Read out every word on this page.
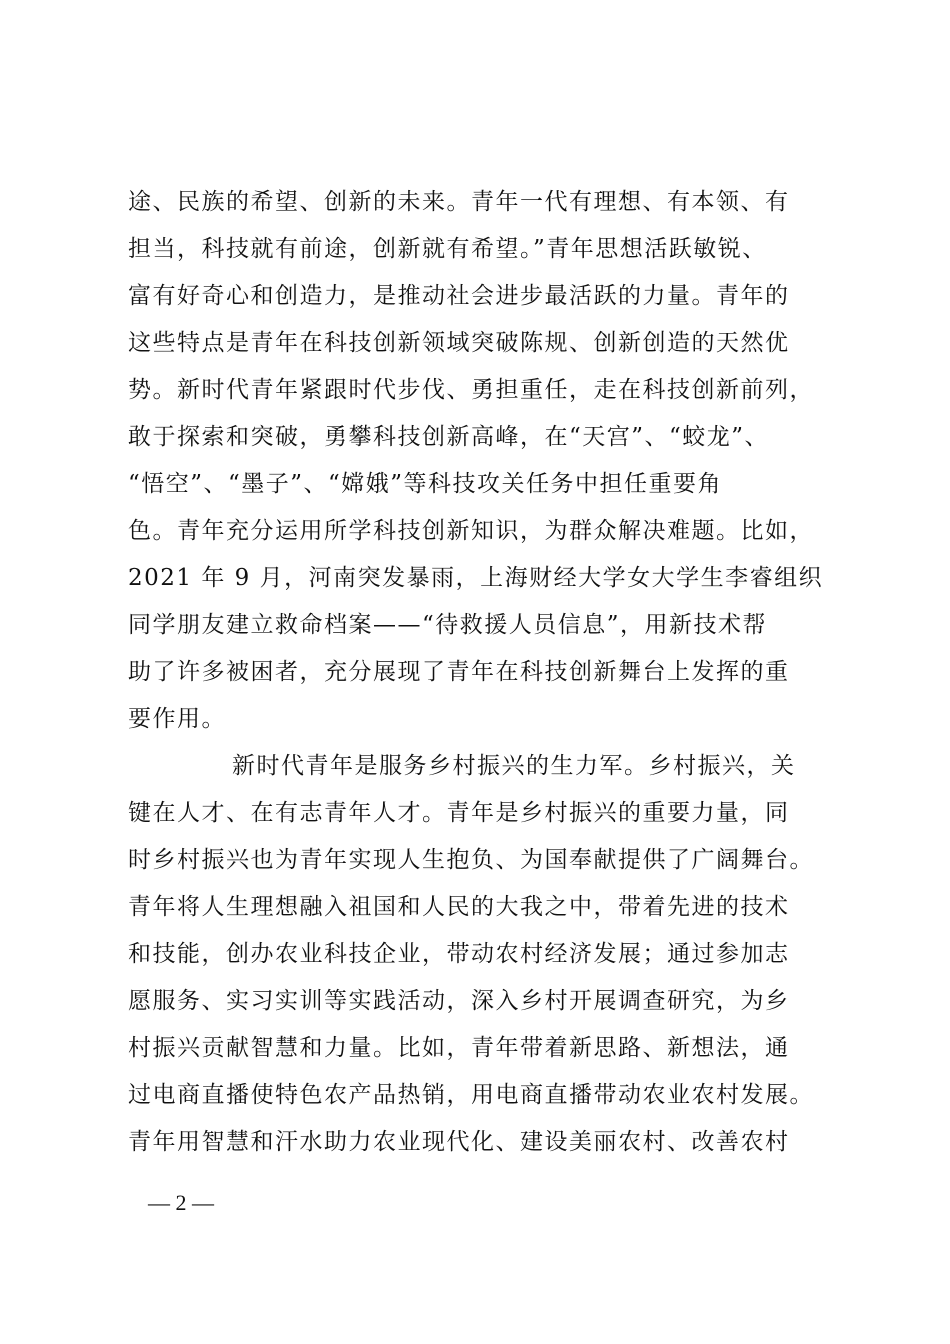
途、民族的希望、创新的未来。青年一代有理想、有本领、有
担当，科技就有前途，创新就有希望。”青年思想活跃敏锐、
富有好奇心和创造力，是推动社会进步最活跃的力量。青年的
这些特点是青年在科技创新领域突破陈规、创新创造的天然优
势。新时代青年紧跟时代步伐、勇担重任，走在科技创新前列，
敢于探索和突破，勇攀科技创新高峰，在“天宫”、“蛟龙”、
“悟空”、“墨子”、“嫦娥”等科技攻关任务中担任重要角
色。青年充分运用所学科技创新知识，为群众解决难题。比如，
2021 年 9 月，河南突发暴雨，上海财经大学女大学生李睿组织
同学朋友建立救命档案——“待救援人员信息”，用新技术帮
助了许多被困者，充分展现了青年在科技创新舞台上发挥的重
要作用。
新时代青年是服务乡村振兴的生力军。乡村振兴，关
键在人才、在有志青年人才。青年是乡村振兴的重要力量，同
时乡村振兴也为青年实现人生抱负、为国奉献提供了广阔舞台。
青年将人生理想融入祖国和人民的大我之中，带着先进的技术
和技能，创办农业科技企业，带动农村经济发展；通过参加志
愿服务、实习实训等实践活动，深入乡村开展调查研究，为乡
村振兴贡献智慧和力量。比如，青年带着新思路、新想法，通
过电商直播使特色农产品热销，用电商直播带动农业农村发展。
青年用智慧和汗水助力农业现代化、建设美丽农村、改善农村
— 2 —
